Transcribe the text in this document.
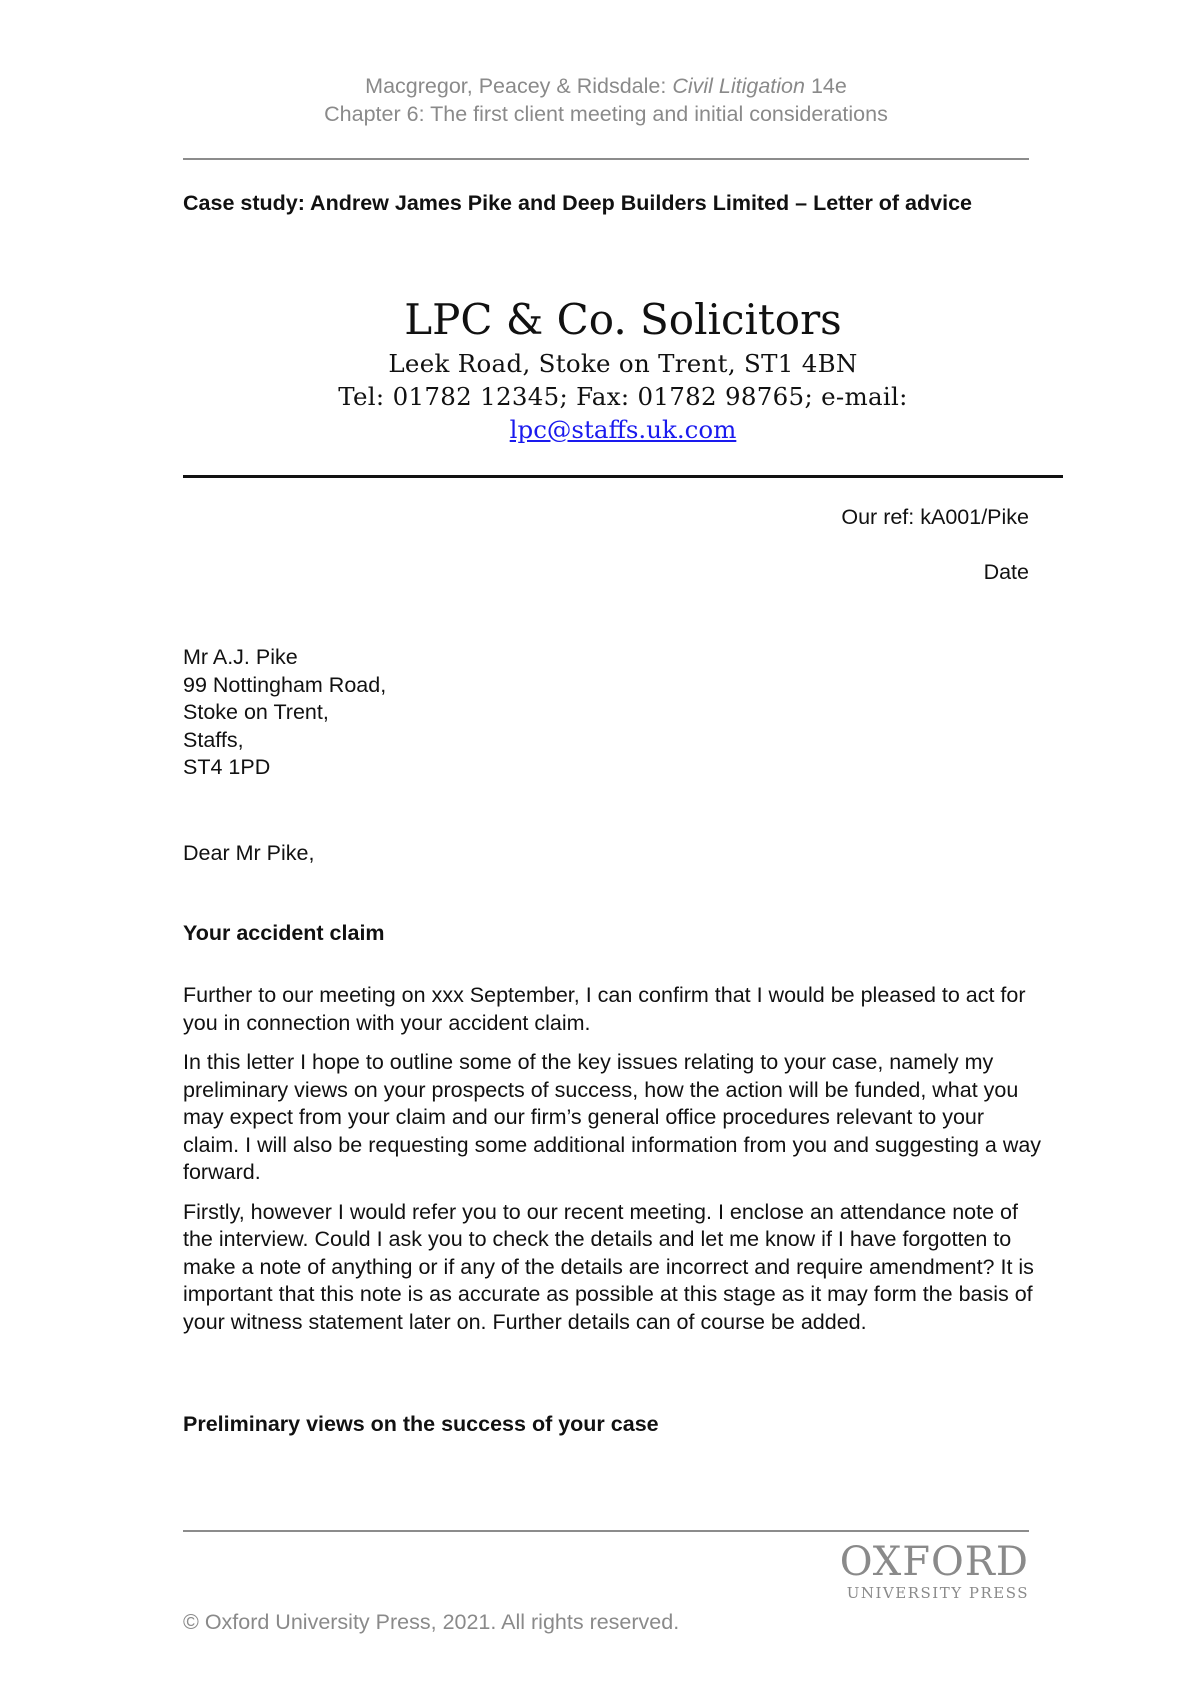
Macgregor, Peacey & Ridsdale: Civil Litigation 14e
Chapter 6: The first client meeting and initial considerations
Case study: Andrew James Pike and Deep Builders Limited – Letter of advice
LPC & Co. Solicitors
Leek Road, Stoke on Trent, ST1 4BN
Tel: 01782 12345; Fax: 01782 98765; e-mail:
lpc@staffs.uk.com
Our ref: kA001/Pike
Date
Mr A.J. Pike
99 Nottingham Road,
Stoke on Trent,
Staffs,
ST4 1PD
Dear Mr Pike,
Your accident claim

Further to our meeting on xxx September, I can confirm that I would be pleased to act for you in connection with your accident claim.

In this letter I hope to outline some of the key issues relating to your case, namely my preliminary views on your prospects of success, how the action will be funded, what you may expect from your claim and our firm’s general office procedures relevant to your claim. I will also be requesting some additional information from you and suggesting a way forward.

Firstly, however I would refer you to our recent meeting. I enclose an attendance note of the interview. Could I ask you to check the details and let me know if I have forgotten to make a note of anything or if any of the details are incorrect and require amendment? It is important that this note is as accurate as possible at this stage as it may form the basis of your witness statement later on. Further details can of course be added.

Preliminary views on the success of your case
OXFORD
UNIVERSITY PRESS
© Oxford University Press, 2021. All rights reserved.
